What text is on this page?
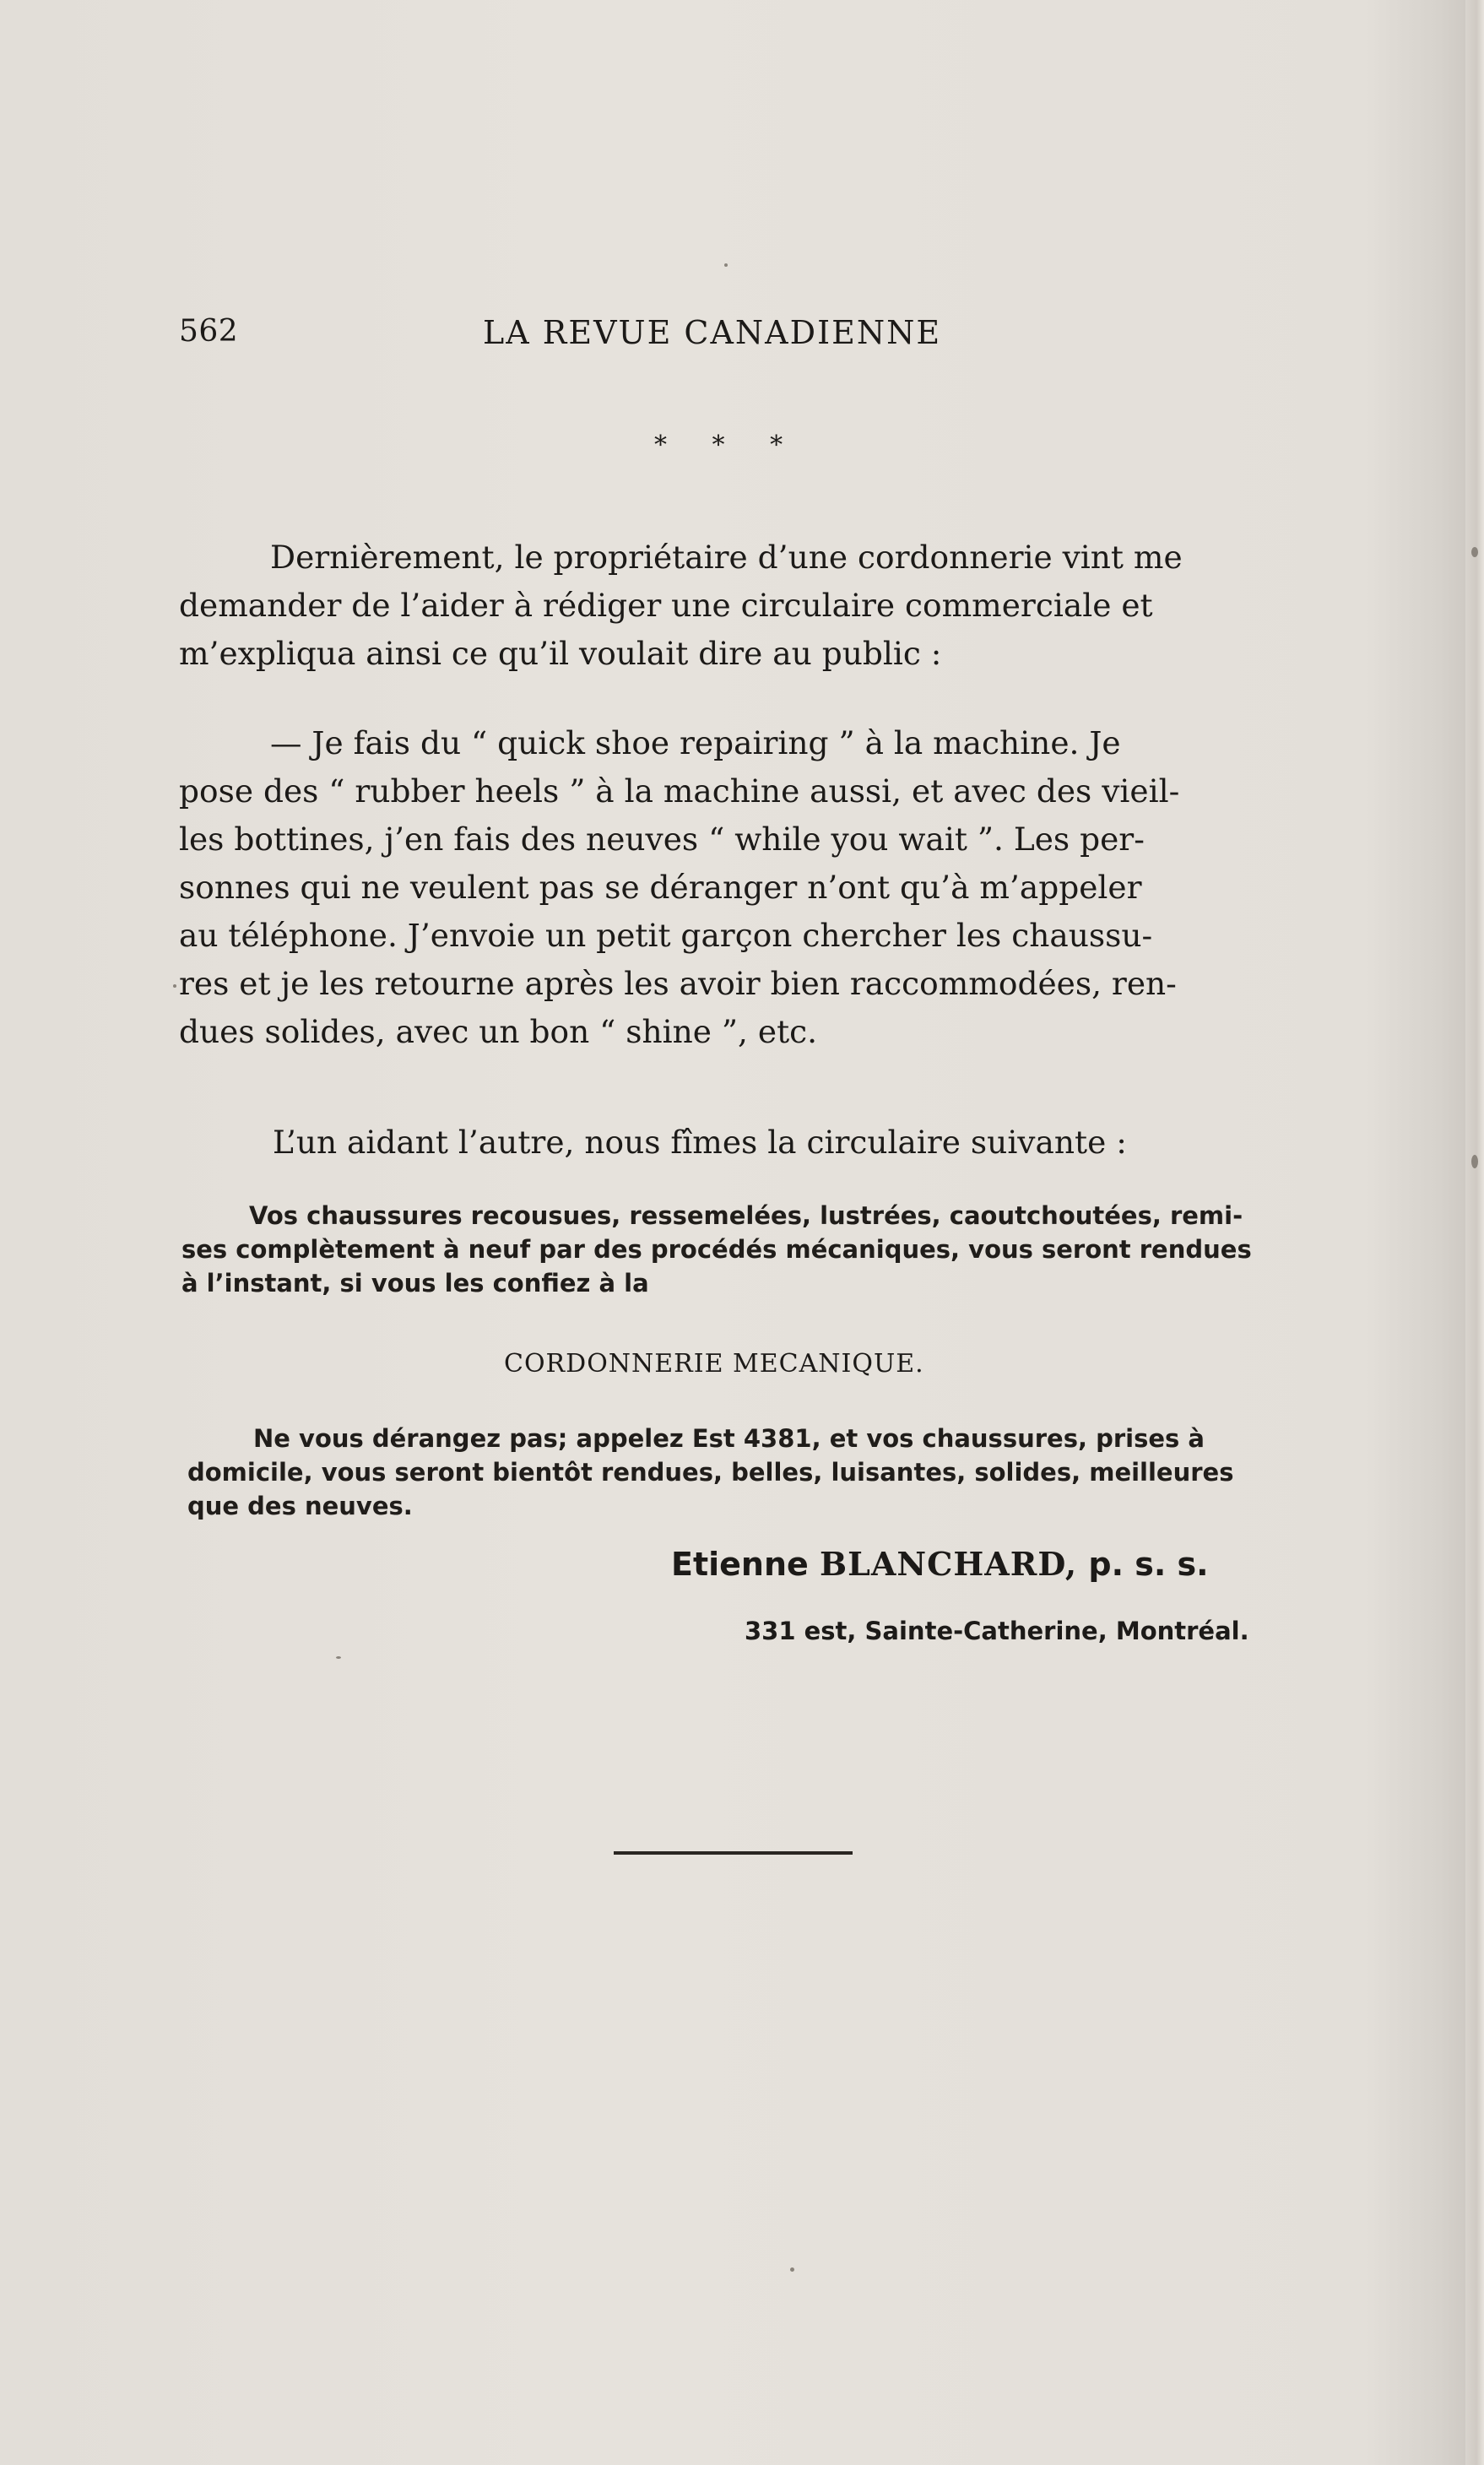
562	LA REVUE CANADIENNE
* * *
Dernièrement, le propriétaire d’une cordonnerie vint me
demander de l’aider à rédiger une circulaire commerciale et
m’expliqua ainsi ce qu’il voulait dire au public :
— Je fais du “ quick shoe repairing ” à la machine. Je
pose des “ rubber heels ” à la machine aussi, et avec des vieil-
les bottines, j’en fais des neuves “ while you wait ”. Les per-
sonnes qui ne veulent pas se déranger n’ont qu’à m’appeler
au téléphone. J’envoie un petit garçon chercher les chaussu-
res et je les retourne après les avoir bien raccommodées, ren-
dues solides, avec un bon “ shine ”, etc.
L’un aidant l’autre, nous fîmes la circulaire suivante :
Vos chaussures recousues, ressemelées, lustrées, caoutchoutées, remi-
ses complètement à neuf par des procédés mécaniques, vous seront rendues
à l’instant, si vous les confiez à la
CORDONNERIE MECANIQUE.
Ne vous dérangez pas; appelez Est 4381, et vos chaussures, prises à
domicile, vous seront bientôt rendues, belles, luisantes, solides, meilleures
que des neuves.
Etienne BLANCHARD, p. s. s.
331 est, Sainte-Catherine, Montréal.
